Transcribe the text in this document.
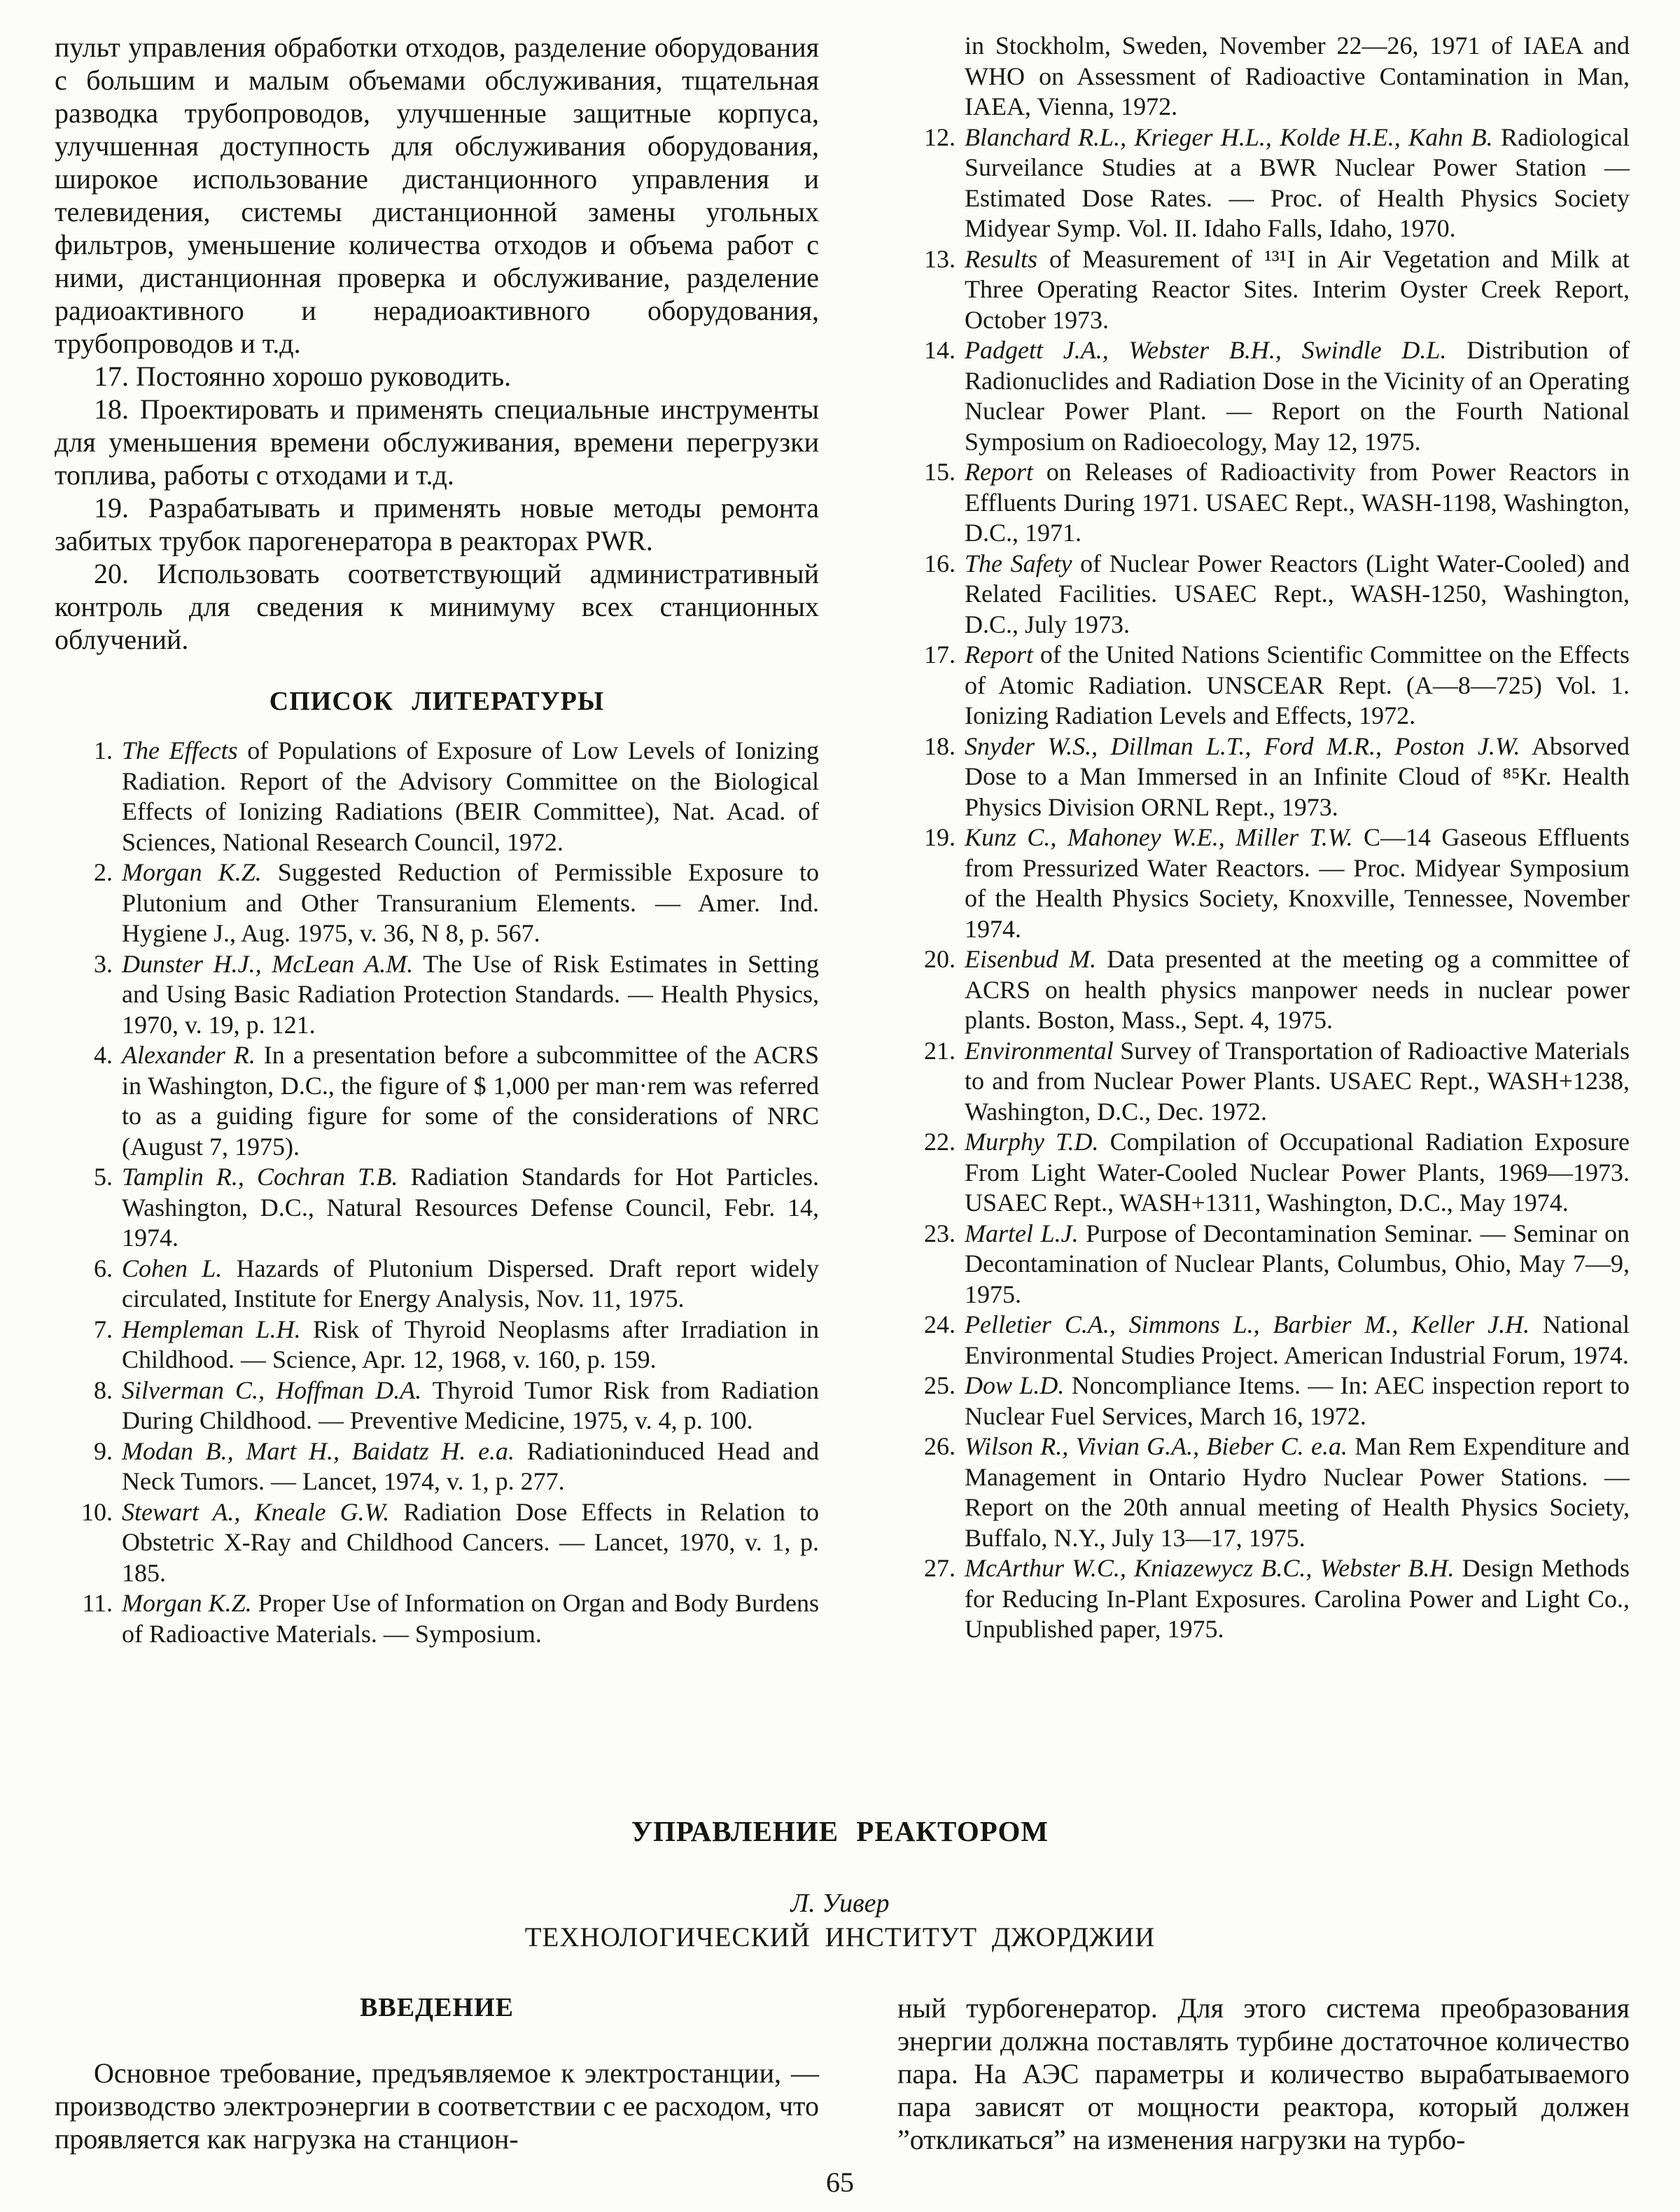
пульт управления обработки отходов, разделение оборудования с большим и малым объемами обслуживания, тщательная разводка трубопроводов, улучшенные защитные корпуса, улучшенная доступность для обслуживания оборудования, широкое использование дистанционного управления и телевидения, системы дистанционной замены угольных фильтров, уменьшение количества отходов и объема работ с ними, дистанционная проверка и обслуживание, разделение радиоактивного и нерадиоактивного оборудования, трубопроводов и т.д.
17. Постоянно хорошо руководить.
18. Проектировать и применять специальные инструменты для уменьшения времени обслуживания, времени перегрузки топлива, работы с отходами и т.д.
19. Разрабатывать и применять новые методы ремонта забитых трубок парогенератора в реакторах PWR.
20. Использовать соответствующий административный контроль для сведения к минимуму всех станционных облучений.
СПИСОК ЛИТЕРАТУРЫ
1. The Effects of Populations of Exposure of Low Levels of Ionizing Radiation. Report of the Advisory Committee on the Biological Effects of Ionizing Radiations (BEIR Committee), Nat. Acad. of Sciences, National Research Council, 1972.
2. Morgan K.Z. Suggested Reduction of Permissible Exposure to Plutonium and Other Transuranium Elements. — Amer. Ind. Hygiene J., Aug. 1975, v. 36, N 8, p. 567.
3. Dunster H.J., McLean A.M. The Use of Risk Estimates in Setting and Using Basic Radiation Protection Standards. — Health Physics, 1970, v. 19, p. 121.
4. Alexander R. In a presentation before a subcommittee of the ACRS in Washington, D.C., the figure of $ 1,000 per man·rem was referred to as a guiding figure for some of the considerations of NRC (August 7, 1975).
5. Tamplin R., Cochran T.B. Radiation Standards for Hot Particles. Washington, D.C., Natural Resources Defense Council, Febr. 14, 1974.
6. Cohen L. Hazards of Plutonium Dispersed. Draft report widely circulated, Institute for Energy Analysis, Nov. 11, 1975.
7. Hempleman L.H. Risk of Thyroid Neoplasms after Irradiation in Childhood. — Science, Apr. 12, 1968, v. 160, p. 159.
8. Silverman C., Hoffman D.A. Thyroid Tumor Risk from Radiation During Childhood. — Preventive Medicine, 1975, v. 4, p. 100.
9. Modan B., Mart H., Baidatz H. e.a. Radiationinduced Head and Neck Tumors. — Lancet, 1974, v. 1, p. 277.
10. Stewart A., Kneale G.W. Radiation Dose Effects in Relation to Obstetric X-Ray and Childhood Cancers. — Lancet, 1970, v. 1, p. 185.
11. Morgan K.Z. Proper Use of Information on Organ and Body Burdens of Radioactive Materials. — Symposium.
in Stockholm, Sweden, November 22—26, 1971 of IAEA and WHO on Assessment of Radioactive Contamination in Man, IAEA, Vienna, 1972.
12. Blanchard R.L., Krieger H.L., Kolde H.E., Kahn B. Radiological Surveilance Studies at a BWR Nuclear Power Station — Estimated Dose Rates. — Proc. of Health Physics Society Midyear Symp. Vol. II. Idaho Falls, Idaho, 1970.
13. Results of Measurement of ¹³¹I in Air Vegetation and Milk at Three Operating Reactor Sites. Interim Oyster Creek Report, October 1973.
14. Padgett J.A., Webster B.H., Swindle D.L. Distribution of Radionuclides and Radiation Dose in the Vicinity of an Operating Nuclear Power Plant. — Report on the Fourth National Symposium on Radioecology, May 12, 1975.
15. Report on Releases of Radioactivity from Power Reactors in Effluents During 1971. USAEC Rept., WASH-1198, Washington, D.C., 1971.
16. The Safety of Nuclear Power Reactors (Light Water-Cooled) and Related Facilities. USAEC Rept., WASH-1250, Washington, D.C., July 1973.
17. Report of the United Nations Scientific Committee on the Effects of Atomic Radiation. UNSCEAR Rept. (A—8—725) Vol. 1. Ionizing Radiation Levels and Effects, 1972.
18. Snyder W.S., Dillman L.T., Ford M.R., Poston J.W. Absorved Dose to a Man Immersed in an Infinite Cloud of ⁸⁵Kr. Health Physics Division ORNL Rept., 1973.
19. Kunz C., Mahoney W.E., Miller T.W. C—14 Gaseous Effluents from Pressurized Water Reactors. — Proc. Midyear Symposium of the Health Physics Society, Knoxville, Tennessee, November 1974.
20. Eisenbud M. Data presented at the meeting og a committee of ACRS on health physics manpower needs in nuclear power plants. Boston, Mass., Sept. 4, 1975.
21. Environmental Survey of Transportation of Radioactive Materials to and from Nuclear Power Plants. USAEC Rept., WASH+1238, Washington, D.C., Dec. 1972.
22. Murphy T.D. Compilation of Occupational Radiation Exposure From Light Water-Cooled Nuclear Power Plants, 1969—1973. USAEC Rept., WASH+1311, Washington, D.C., May 1974.
23. Martel L.J. Purpose of Decontamination Seminar. — Seminar on Decontamination of Nuclear Plants, Columbus, Ohio, May 7—9, 1975.
24. Pelletier C.A., Simmons L., Barbier M., Keller J.H. National Environmental Studies Project. American Industrial Forum, 1974.
25. Dow L.D. Noncompliance Items. — In: AEC inspection report to Nuclear Fuel Services, March 16, 1972.
26. Wilson R., Vivian G.A., Bieber C. e.a. Man Rem Expenditure and Management in Ontario Hydro Nuclear Power Stations. — Report on the 20th annual meeting of Health Physics Society, Buffalo, N.Y., July 13—17, 1975.
27. McArthur W.C., Kniazewycz B.C., Webster B.H. Design Methods for Reducing In-Plant Exposures. Carolina Power and Light Co., Unpublished paper, 1975.
УПРАВЛЕНИЕ РЕАКТОРОМ
Л. Уивер
ТЕХНОЛОГИЧЕСКИЙ ИНСТИТУТ ДЖОРДЖИИ
ВВЕДЕНИЕ
Основное требование, предъявляемое к электростанции, — производство электроэнергии в соответствии с ее расходом, что проявляется как нагрузка на станцион-
ный турбогенератор. Для этого система преобразования энергии должна поставлять турбине достаточное количество пара. На АЭС параметры и количество вырабатываемого пара зависят от мощности реактора, который должен ”откликаться” на изменения нагрузки на турбо-
65
